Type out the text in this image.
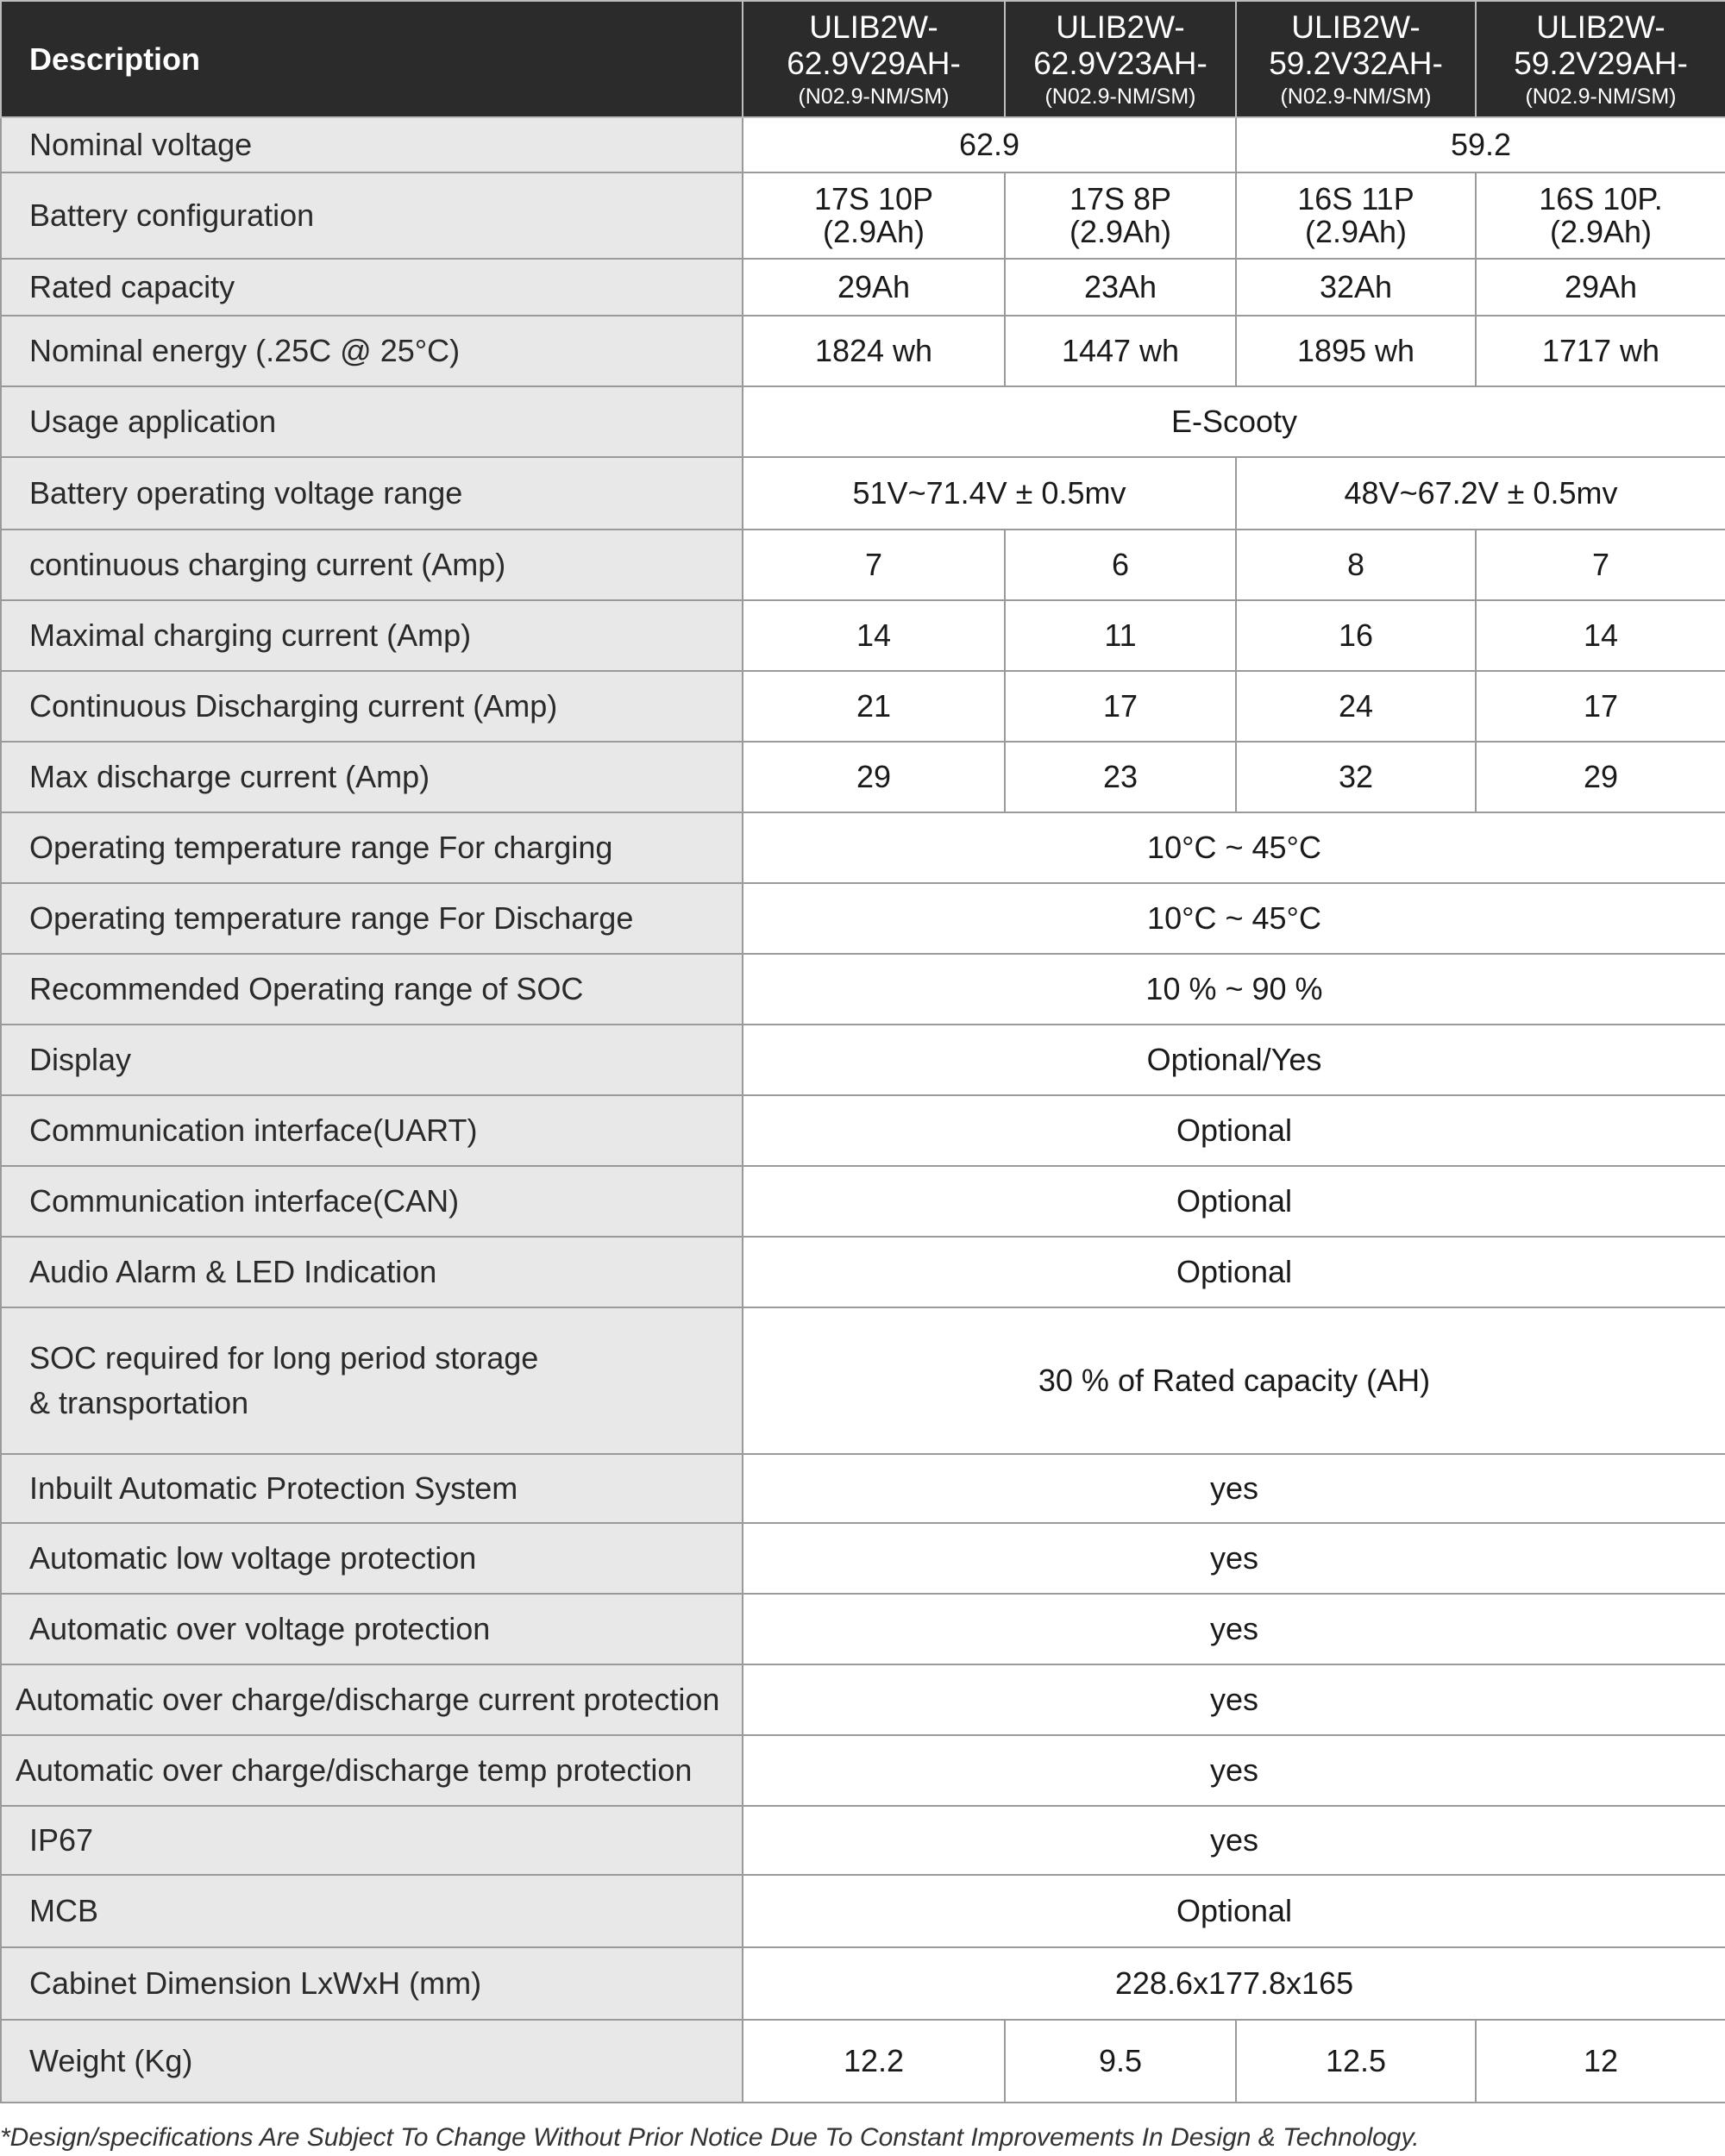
Description	ULIB2W-
62.9V29AH-
(N02.9-NM/SM)	ULIB2W-
62.9V23AH-
(N02.9-NM/SM)	ULIB2W-
59.2V32AH-
(N02.9-NM/SM)	ULIB2W-
59.2V29AH-
(N02.9-NM/SM)

Nominal voltage	62.9		59.2	
Battery configuration	17S 10P
(2.9Ah)	17S 8P
(2.9Ah)	16S 11P
(2.9Ah)	16S 10P.
(2.9Ah)

Rated capacity	29Ah	23Ah	32Ah	29Ah
Nominal energy (.25C @ 25°C)	1824 wh	1447 wh	1895 wh	1717 wh
Usage application	E-Scooty			
Battery operating voltage range	51V~71.4V ± 0.5mv		48V~67.2V ± 0.5mv	
continuous charging current (Amp)	7	6	8	7
Maximal charging current (Amp)	14	11	16	14
Continuous Discharging current (Amp)	21	17	24	17
Max discharge current (Amp)	29	23	32	29
Operating temperature range For charging	10°C ~ 45°C			
Operating temperature range For Discharge	10°C ~ 45°C			
Recommended Operating range of SOC	10 % ~ 90 %			
Display	Optional/Yes			
Communication interface(UART)	Optional			
Communication interface(CAN)	Optional			
Audio Alarm & LED Indication	Optional			

SOC required for long period storage
& transportation	30 % of Rated capacity (AH)			
Inbuilt Automatic Protection System	yes			
Automatic low voltage protection	yes			
Automatic over voltage protection	yes			
Automatic over charge/discharge current protection	yes			
Automatic over charge/discharge temp protection	yes			
IP67	yes			
MCB	Optional			
Cabinet Dimension LxWxH (mm)	228.6x177.8x165			
Weight (Kg)	12.2	9.5	12.5	12
*Design/specifications Are Subject To Change Without Prior Notice Due To Constant Improvements In Design & Technology.
